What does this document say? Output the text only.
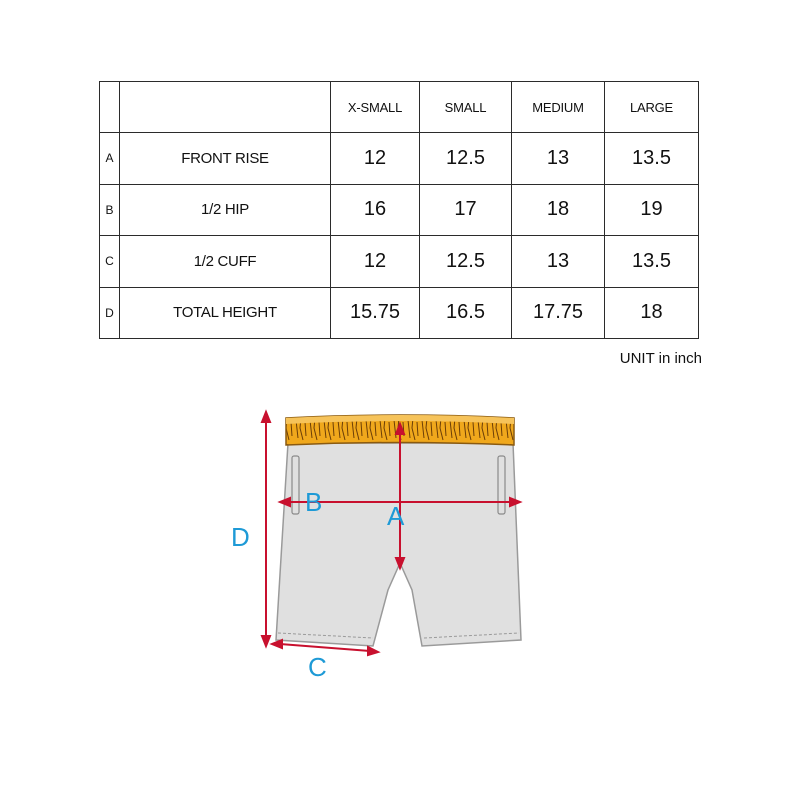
		X-SMALL	SMALL	MEDIUM	LARGE
A	FRONT RISE	12	12.5	13	13.5
B	1/2 HIP	16	17	18	19
C	1/2 CUFF	12	12.5	13	13.5
D	TOTAL HEIGHT	15.75	16.5	17.75	18
UNIT in inch
A
B
C
D
